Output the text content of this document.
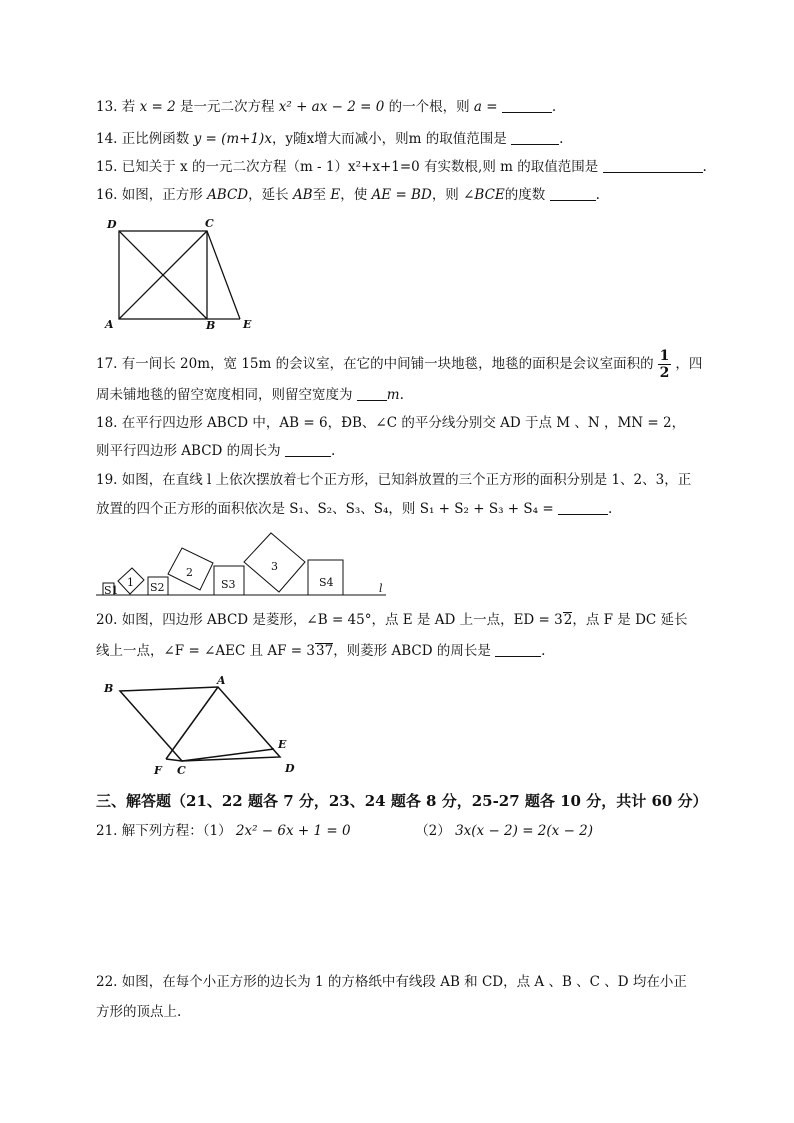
13. 若 x = 2 是一元二次方程 x² + ax − 2 = 0 的一个根，则 a =	.
14. 正比例函数 y = (m+1)x，y随x增大而减小，则m 的取值范围是	.
15. 已知关于 x 的一元二次方程（m - 1）x²+x+1=0 有实数根,则 m 的取值范围是	.
16. 如图，正方形 ABCD，延长 AB至 E，使 AE = BD，则 ∠BCE的度数	.
D	C
A	B	E
17. 有一间长 20m，宽 15m 的会议室，在它的中间铺一块地毯，地毯的面积是会议室面积的 $\frac{1}{2}$ ，四
周未铺地毯的留空宽度相同，则留空宽度为	m.
18. 在平行四边形 ABCD 中，AB = 6，ÐB、∠C 的平分线分别交 AD 于点 M 、N ，MN = 2，
则平行四边形 ABCD 的周长为	.
19. 如图，在直线 l 上依次摆放着七个正方形，已知斜放置的三个正方形的面积分别是 1、2、3，正
放置的四个正方形的面积依次是 S₁、S₂、S₃、S₄，则 S₁ + S₂ + S₃ + S₄ =	.
S1
1 S2
2
S3
3
S4	l
20. 如图，四边形 ABCD 是菱形，∠B = 45°，点 E 是 AD 上一点，ED = 32，点 F 是 DC 延长
线上一点，∠F = ∠AEC 且 AF = 337，则菱形 ABCD 的周长是	.
B
A
E
F C	D
三、解答题（21、22 题各 7 分，23、24 题各 8 分，25-27 题各 10 分，共计 60 分）
21. 解下列方程：（1） 2x² − 6x + 1 = 0	（2） 3x(x − 2) = 2(x − 2)
22. 如图，在每个小正方形的边长为 1 的方格纸中有线段 AB 和 CD，点 A 、B 、C 、D 均在小正
方形的顶点上.
